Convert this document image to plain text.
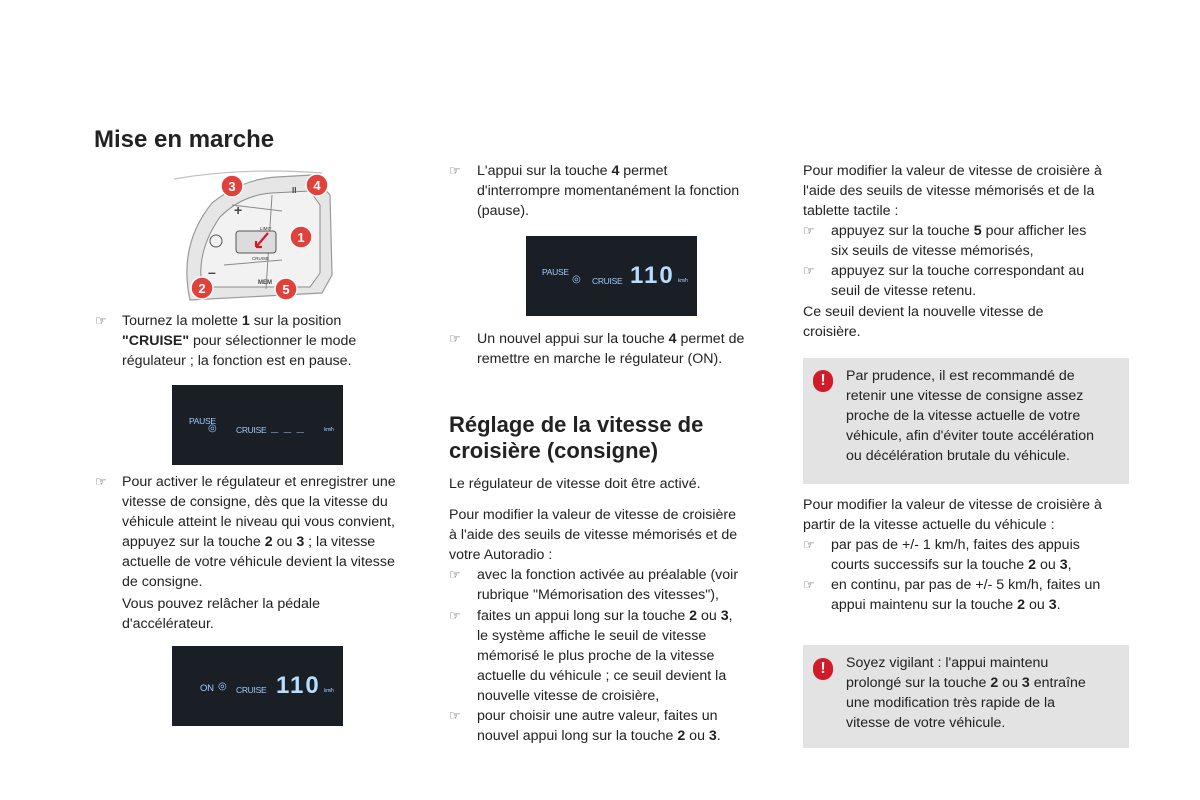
Mise en marche
+
–
II
MEM
LIMIT
CRUISE
3	4
1
2	5
☞ Tournez la molette 1 sur la position
"CRUISE" pour sélectionner le mode
régulateur ; la fonction est en pause.
PAUSE
◎ CRUISE _ _ _	km/h
☞ Pour activer le régulateur et enregistrer une
vitesse de consigne, dès que la vitesse du
véhicule atteint le niveau qui vous convient,
appuyez sur la touche 2 ou 3 ; la vitesse
actuelle de votre véhicule devient la vitesse
de consigne.
Vous pouvez relâcher la pédale
d'accélérateur.
ON ◎ CRUISE 110 km/h
☞ L'appui sur la touche 4 permet
d'interrompre momentanément la fonction
(pause).
PAUSE
◎ CRUISE 110 km/h
☞ Un nouvel appui sur la touche 4 permet de
remettre en marche le régulateur (ON).
Réglage de la vitesse de
croisière (consigne)
Le régulateur de vitesse doit être activé.
Pour modifier la valeur de vitesse de croisière
à l'aide des seuils de vitesse mémorisés et de
votre Autoradio :
☞ avec la fonction activée au préalable (voir
rubrique "Mémorisation des vitesses"),
☞ faites un appui long sur la touche 2 ou 3,
le système affiche le seuil de vitesse
mémorisé le plus proche de la vitesse
actuelle du véhicule ; ce seuil devient la
nouvelle vitesse de croisière,
☞ pour choisir une autre valeur, faites un
nouvel appui long sur la touche 2 ou 3.
Pour modifier la valeur de vitesse de croisière à
l'aide des seuils de vitesse mémorisés et de la
tablette tactile :
☞ appuyez sur la touche 5 pour afficher les
six seuils de vitesse mémorisés,
☞ appuyez sur la touche correspondant au
seuil de vitesse retenu.
Ce seuil devient la nouvelle vitesse de
croisière.
!	Par prudence, il est recommandé de
retenir une vitesse de consigne assez
proche de la vitesse actuelle de votre
véhicule, afin d'éviter toute accélération
ou décélération brutale du véhicule.
Pour modifier la valeur de vitesse de croisière à
partir de la vitesse actuelle du véhicule :
☞ par pas de +/- 1 km/h, faites des appuis
courts successifs sur la touche 2 ou 3,
☞ en continu, par pas de +/- 5 km/h, faites un
appui maintenu sur la touche 2 ou 3.
!	Soyez vigilant : l'appui maintenu
prolongé sur la touche 2 ou 3 entraîne
une modification très rapide de la
vitesse de votre véhicule.
